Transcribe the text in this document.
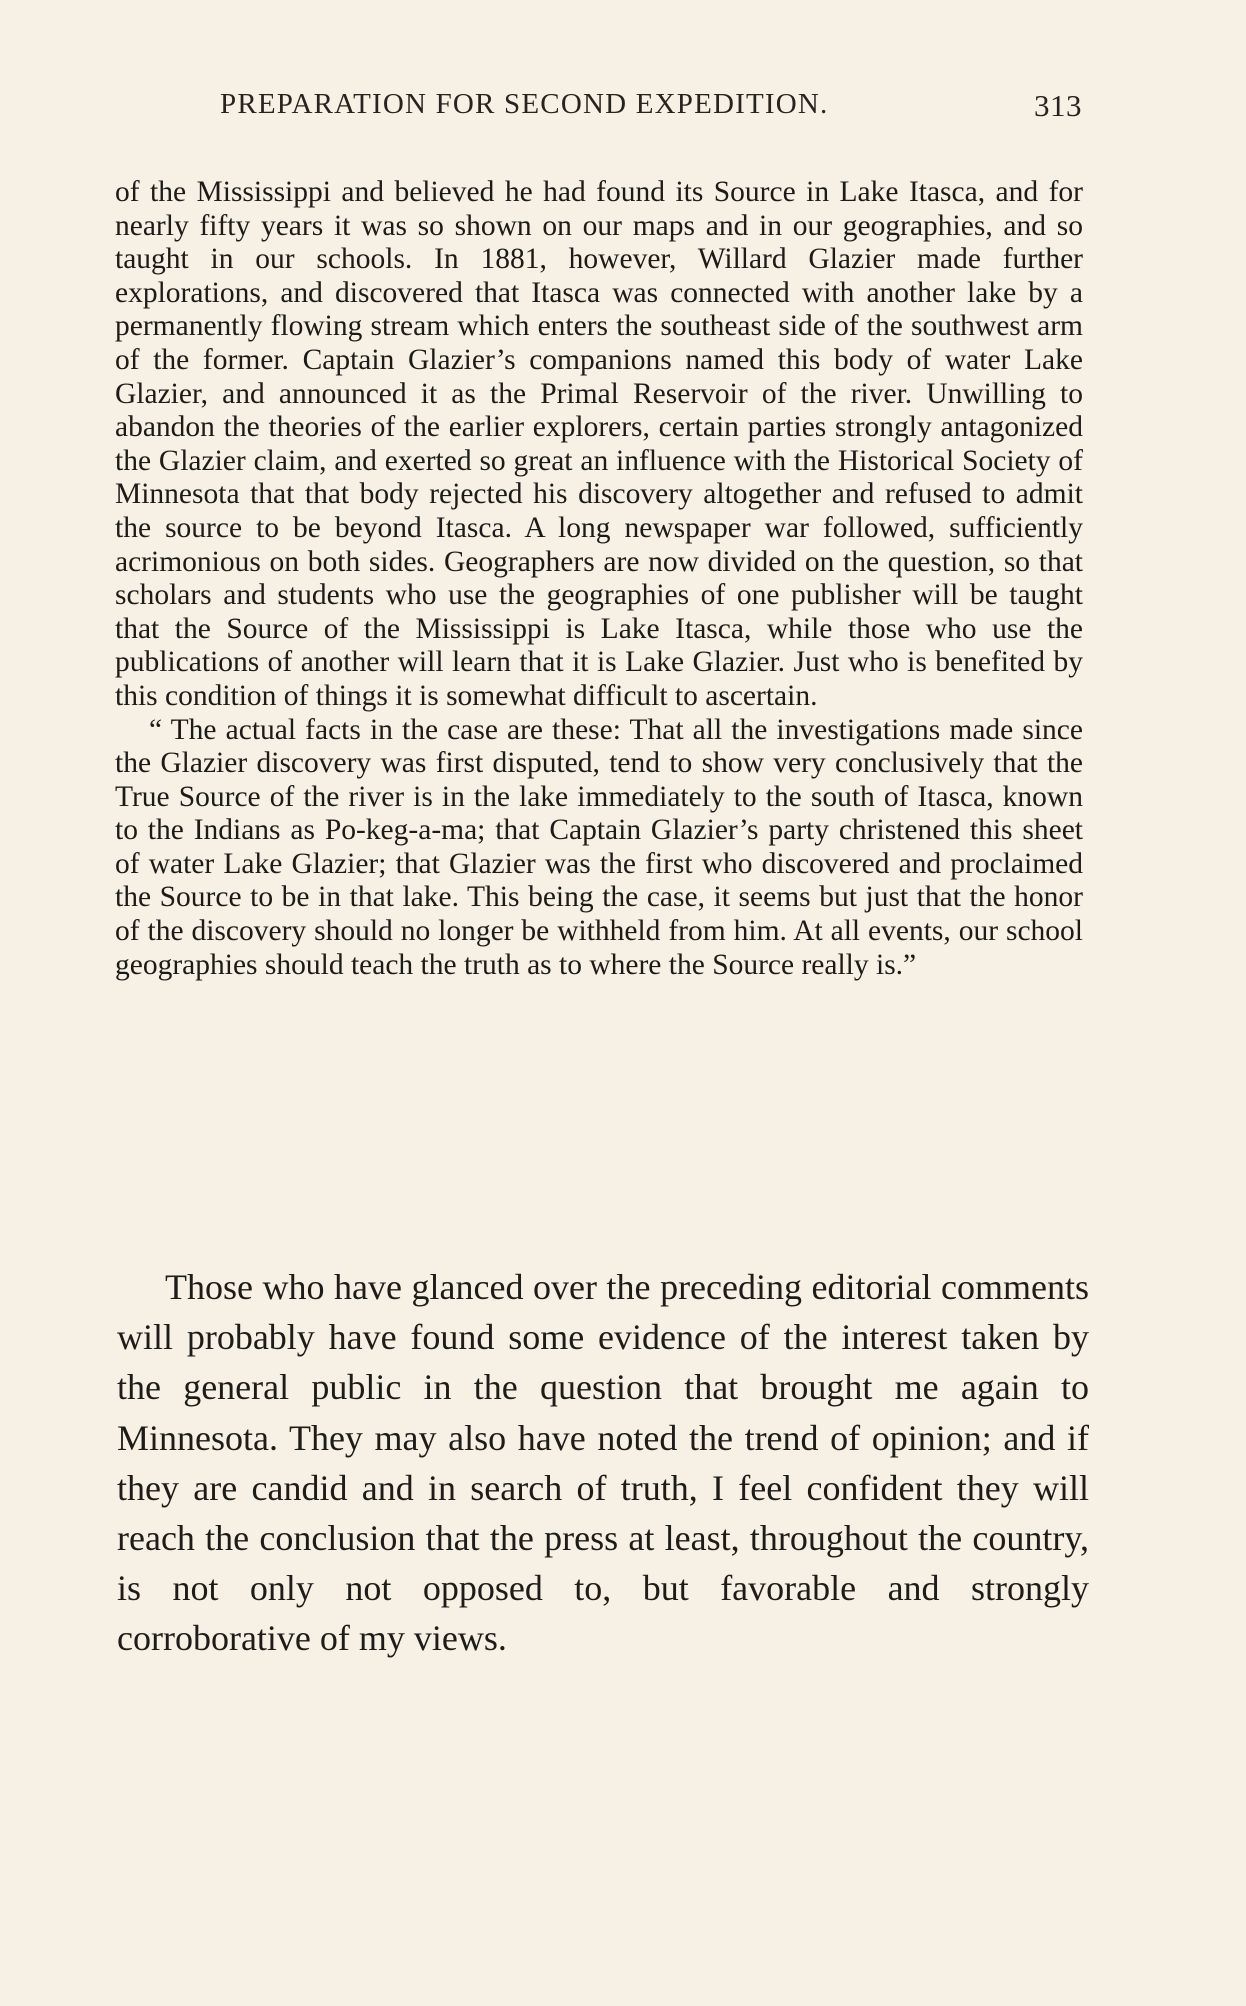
PREPARATION FOR SECOND EXPEDITION.	313

of the Mississippi and believed he had found its Source in Lake Itasca, and for nearly fifty years it was so shown on our maps and in our geographies, and so taught in our schools. In 1881, however, Willard Glazier made further explorations, and discovered that Itasca was connected with another lake by a permanently flowing stream which enters the southeast side of the southwest arm of the former. Captain Glazier’s companions named this body of water Lake Glazier, and announced it as the Primal Reservoir of the river. Unwilling to abandon the theories of the earlier explorers, certain parties strongly antagonized the Glazier claim, and exerted so great an influence with the Historical Society of Minnesota that that body rejected his discovery altogether and refused to admit the source to be beyond Itasca. A long newspaper war followed, sufficiently acrimonious on both sides. Geographers are now divided on the question, so that scholars and students who use the geographies of one publisher will be taught that the Source of the Mississippi is Lake Itasca, while those who use the publications of another will learn that it is Lake Glazier. Just who is benefited by this condition of things it is somewhat difficult to ascertain.

“ The actual facts in the case are these: That all the investigations made since the Glazier discovery was first disputed, tend to show very conclusively that the True Source of the river is in the lake immediately to the south of Itasca, known to the Indians as Po-keg-a-ma; that Captain Glazier’s party christened this sheet of water Lake Glazier; that Glazier was the first who discovered and proclaimed the Source to be in that lake. This being the case, it seems but just that the honor of the discovery should no longer be withheld from him. At all events, our school geographies should teach the truth as to where the Source really is.”

Those who have glanced over the preceding editorial comments will probably have found some evidence of the interest taken by the general public in the question that brought me again to Minnesota. They may also have noted the trend of opinion; and if they are candid and in search of truth, I feel confident they will reach the conclusion that the press at least, throughout the country, is not only not opposed to, but favorable and strongly corroborative of my views.
